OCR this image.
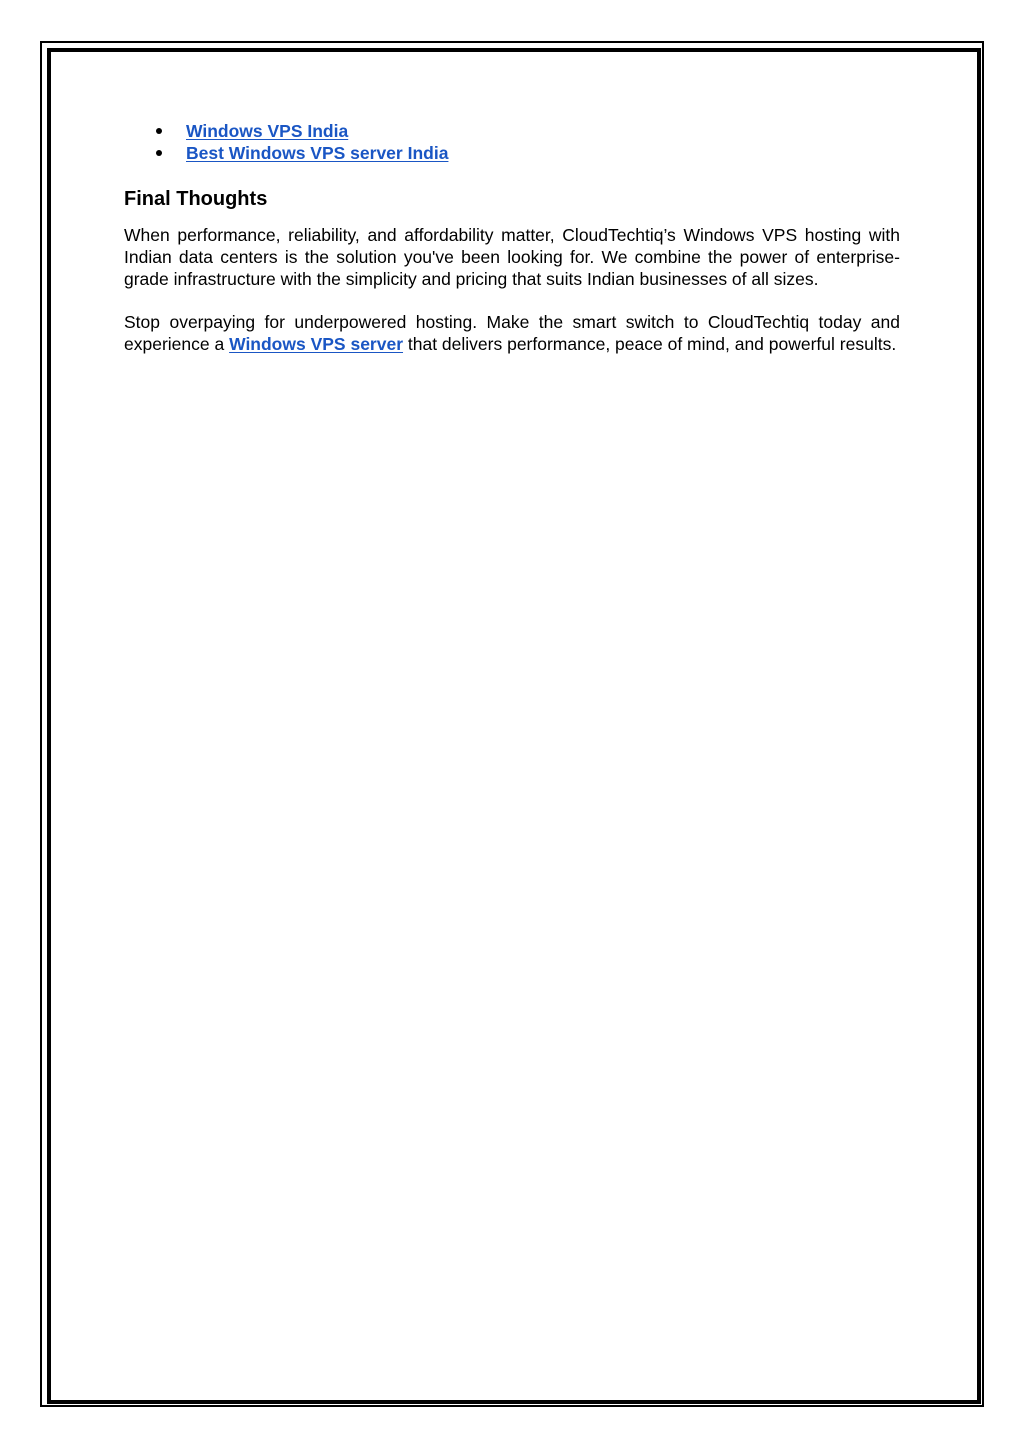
Windows VPS India
Best Windows VPS server India
Final Thoughts

When performance, reliability, and affordability matter, CloudTechtiq’s Windows VPS hosting with Indian data centers is the solution you've been looking for. We combine the power of enterprise-grade infrastructure with the simplicity and pricing that suits Indian businesses of all sizes.

Stop overpaying for underpowered hosting. Make the smart switch to CloudTechtiq today and experience a Windows VPS server that delivers performance, peace of mind, and powerful results.
